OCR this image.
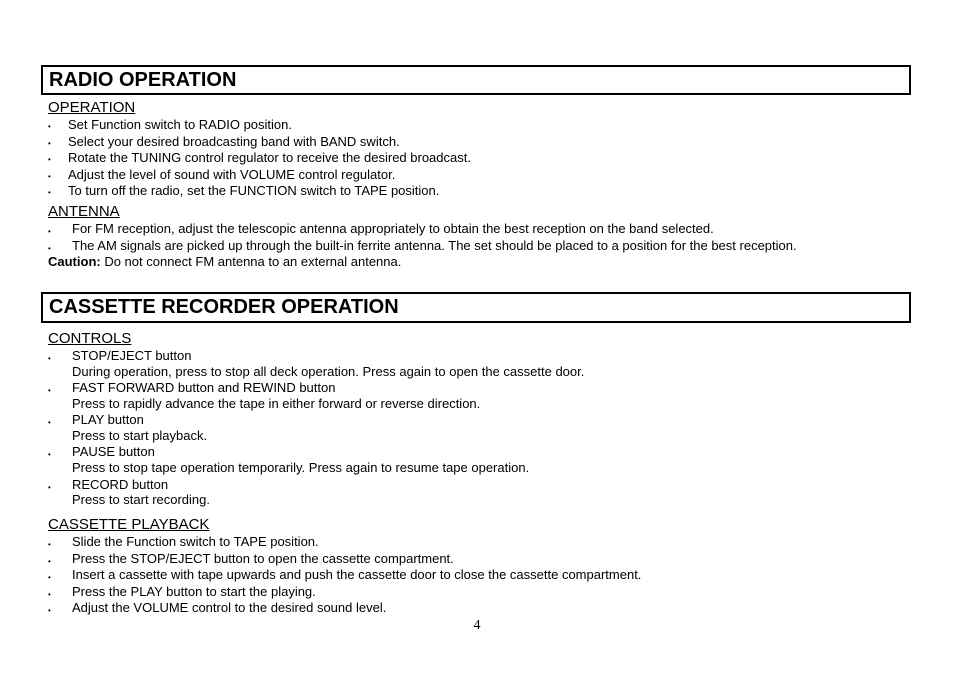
RADIO OPERATION
OPERATION
• Set Function switch to RADIO position.
• Select your desired broadcasting band with BAND switch.
• Rotate the TUNING control regulator to receive the desired broadcast.
• Adjust the level of sound with VOLUME control regulator.
• To turn off the radio, set the FUNCTION switch to TAPE position.
ANTENNA
• For FM reception, adjust the telescopic antenna appropriately to obtain the best reception on the band selected.
• The AM signals are picked up through the built-in ferrite antenna. The set should be placed to a position for the best reception.
Caution: Do not connect FM antenna to an external antenna.
CASSETTE RECORDER OPERATION
CONTROLS
• STOP/EJECT button
During operation, press to stop all deck operation. Press again to open the cassette door.
• FAST FORWARD button and REWIND button
Press to rapidly advance the tape in either forward or reverse direction.
• PLAY button
Press to start playback.
• PAUSE button
Press to stop tape operation temporarily. Press again to resume tape operation.
• RECORD button
Press to start recording.
CASSETTE PLAYBACK
• Slide the Function switch to TAPE position.
• Press the STOP/EJECT button to open the cassette compartment.
• Insert a cassette with tape upwards and push the cassette door to close the cassette compartment.
• Press the PLAY button to start the playing.
• Adjust the VOLUME control to the desired sound level.
4
